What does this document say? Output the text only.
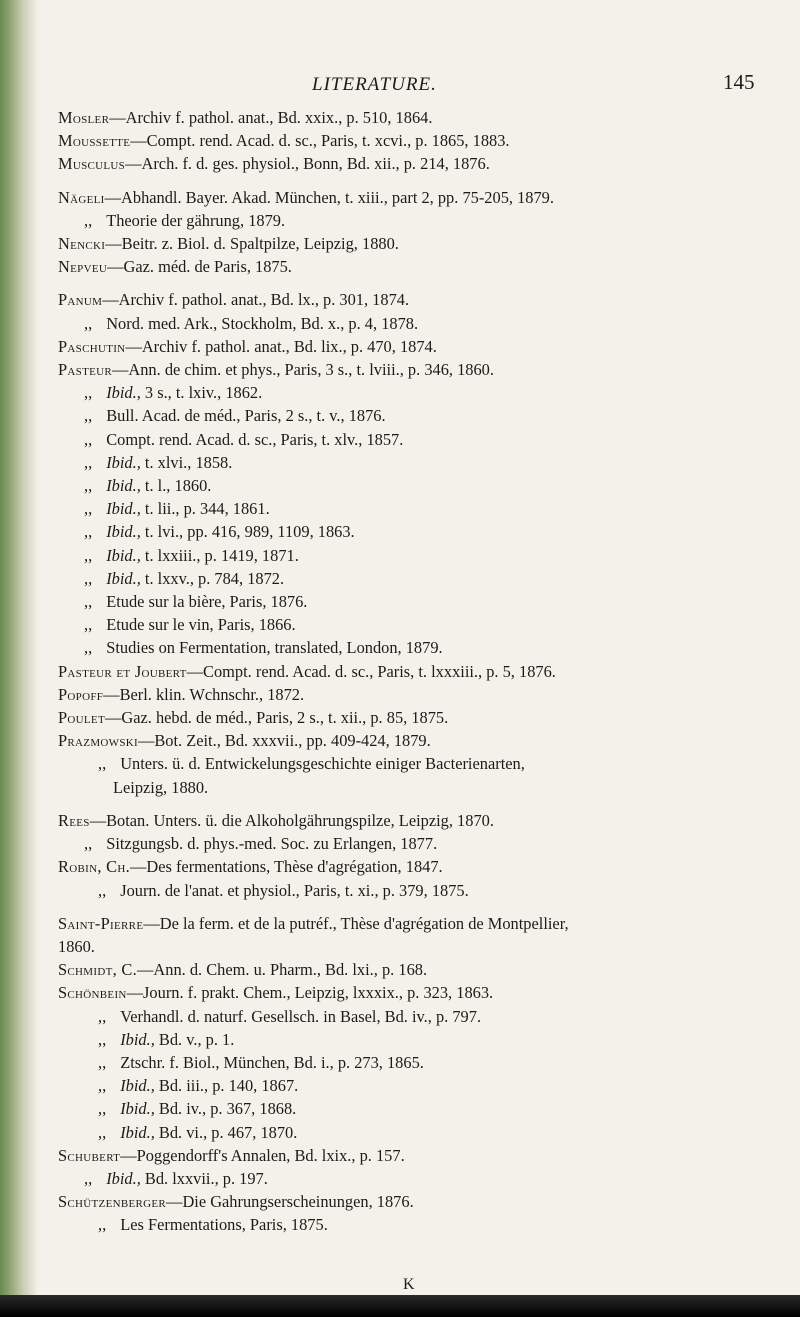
LITERATURE.	145
Mosler—Archiv f. pathol. anat., Bd. xxix., p. 510, 1864.
Moussette—Compt. rend. Acad. d. sc., Paris, t. xcvi., p. 1865, 1883.
Musculus—Arch. f. d. ges. physiol., Bonn, Bd. xii., p. 214, 1876.
Nägeli—Abhandl. Bayer. Akad. München, t. xiii., part 2, pp. 75-205, 1879.
,, Theorie der gährung, 1879.
Nencki—Beitr. z. Biol. d. Spaltpilze, Leipzig, 1880.
Nepveu—Gaz. méd. de Paris, 1875.
Panum—Archiv f. pathol. anat., Bd. lx., p. 301, 1874.
,, Nord. med. Ark., Stockholm, Bd. x., p. 4, 1878.
Paschutin—Archiv f. pathol. anat., Bd. lix., p. 470, 1874.
Pasteur—Ann. de chim. et phys., Paris, 3 s., t. lviii., p. 346, 1860.
,, Ibid., 3 s., t. lxiv., 1862.
,, Bull. Acad. de méd., Paris, 2 s., t. v., 1876.
,, Compt. rend. Acad. d. sc., Paris, t. xlv., 1857.
,, Ibid., t. xlvi., 1858.
,, Ibid., t. l., 1860.
,, Ibid., t. lii., p. 344, 1861.
,, Ibid., t. lvi., pp. 416, 989, 1109, 1863.
,, Ibid., t. lxxiii., p. 1419, 1871.
,, Ibid., t. lxxv., p. 784, 1872.
,, Etude sur la bière, Paris, 1876.
,, Etude sur le vin, Paris, 1866.
,, Studies on Fermentation, translated, London, 1879.
Pasteur et Joubert—Compt. rend. Acad. d. sc., Paris, t. lxxxiii., p. 5, 1876.
Popoff—Berl. klin. Wchnschr., 1872.
Poulet—Gaz. hebd. de méd., Paris, 2 s., t. xii., p. 85, 1875.
Prazmowski—Bot. Zeit., Bd. xxxvii., pp. 409-424, 1879.
,, Unters. ü. d. Entwickelungsgeschichte einiger Bacterienarten,
Leipzig, 1880.
Rees—Botan. Unters. ü. die Alkoholgährungspilze, Leipzig, 1870.
,, Sitzgungsb. d. phys.-med. Soc. zu Erlangen, 1877.
Robin, Ch.—Des fermentations, Thèse d'agrégation, 1847.
,, Journ. de l'anat. et physiol., Paris, t. xi., p. 379, 1875.
Saint-Pierre—De la ferm. et de la putréf., Thèse d'agrégation de Montpellier,
1860.
Schmidt, C.—Ann. d. Chem. u. Pharm., Bd. lxi., p. 168.
Schönbein—Journ. f. prakt. Chem., Leipzig, lxxxix., p. 323, 1863.
,, Verhandl. d. naturf. Gesellsch. in Basel, Bd. iv., p. 797.
,, Ibid., Bd. v., p. 1.
,, Ztschr. f. Biol., München, Bd. i., p. 273, 1865.
,, Ibid., Bd. iii., p. 140, 1867.
,, Ibid., Bd. iv., p. 367, 1868.
,, Ibid., Bd. vi., p. 467, 1870.
Schubert—Poggendorff's Annalen, Bd. lxix., p. 157.
,, Ibid., Bd. lxxvii., p. 197.
Schützenberger—Die Gahrungserscheinungen, 1876.
,, Les Fermentations, Paris, 1875.
K
